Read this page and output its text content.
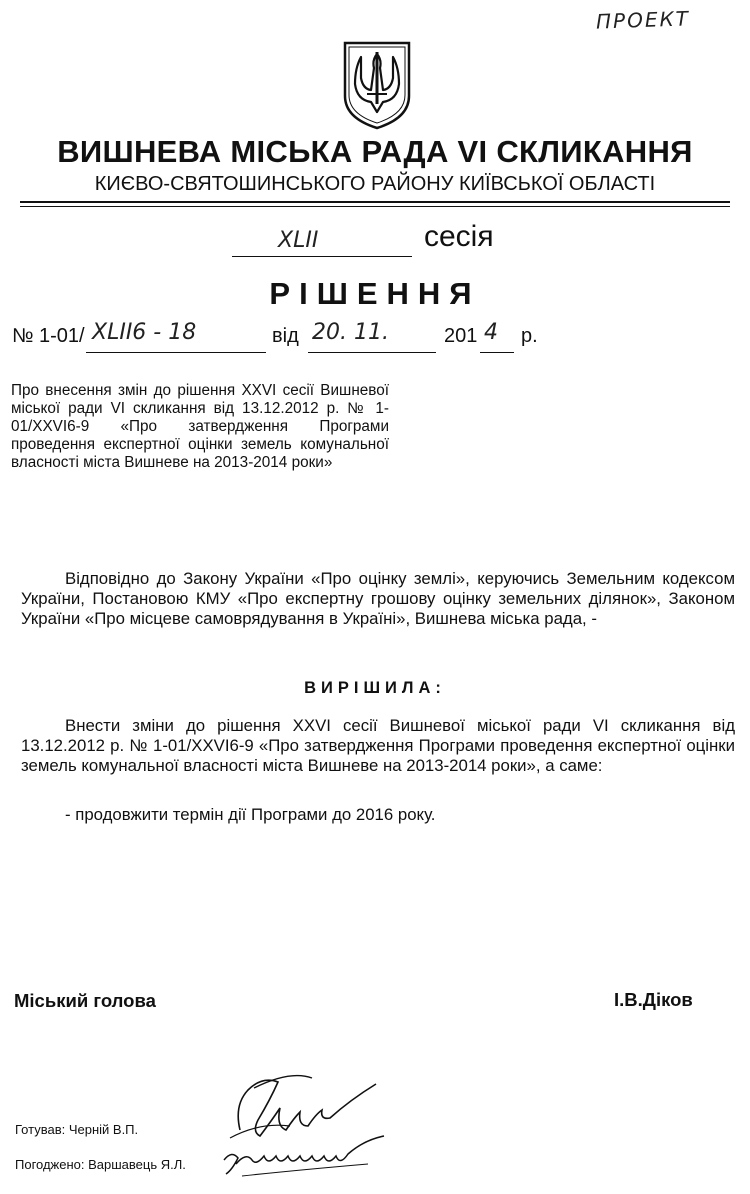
ПРОЕКТ
ВИШНЕВА МІСЬКА РАДА VI СКЛИКАННЯ
КИЄВО-СВЯТОШИНСЬКОГО РАЙОНУ КИЇВСЬКОЇ ОБЛАСТІ
XLII	сесія
РІШЕННЯ
№ 1-01/ XLII6 - 18	від 20. 11.	201 4 р.
Про внесення змін до рішення XXVI сесії Вишневої міської ради VI скликання від 13.12.2012 р. № 1-01/XXVI6-9 «Про затвердження Програми проведення експертної оцінки земель комунальної власності міста Вишневе на 2013-2014 роки»
Відповідно до Закону України «Про оцінку землі», керуючись Земельним кодексом України, Постановою КМУ «Про експертну грошову оцінку земельних ділянок», Законом України «Про місцеве самоврядування в Україні», Вишнева міська рада, -
ВИРІШИЛА:
Внести зміни до рішення XXVI сесії Вишневої міської ради VI скликання від 13.12.2012 р. № 1-01/XXVI6-9 «Про затвердження Програми проведення експертної оцінки земель комунальної власності міста Вишневе на 2013-2014 роки», а саме:
- продовжити термін дії Програми до 2016 року.
Міський голова	І.В.Діков
Готував: Черній В.П.
Погоджено: Варшавець Я.Л.
